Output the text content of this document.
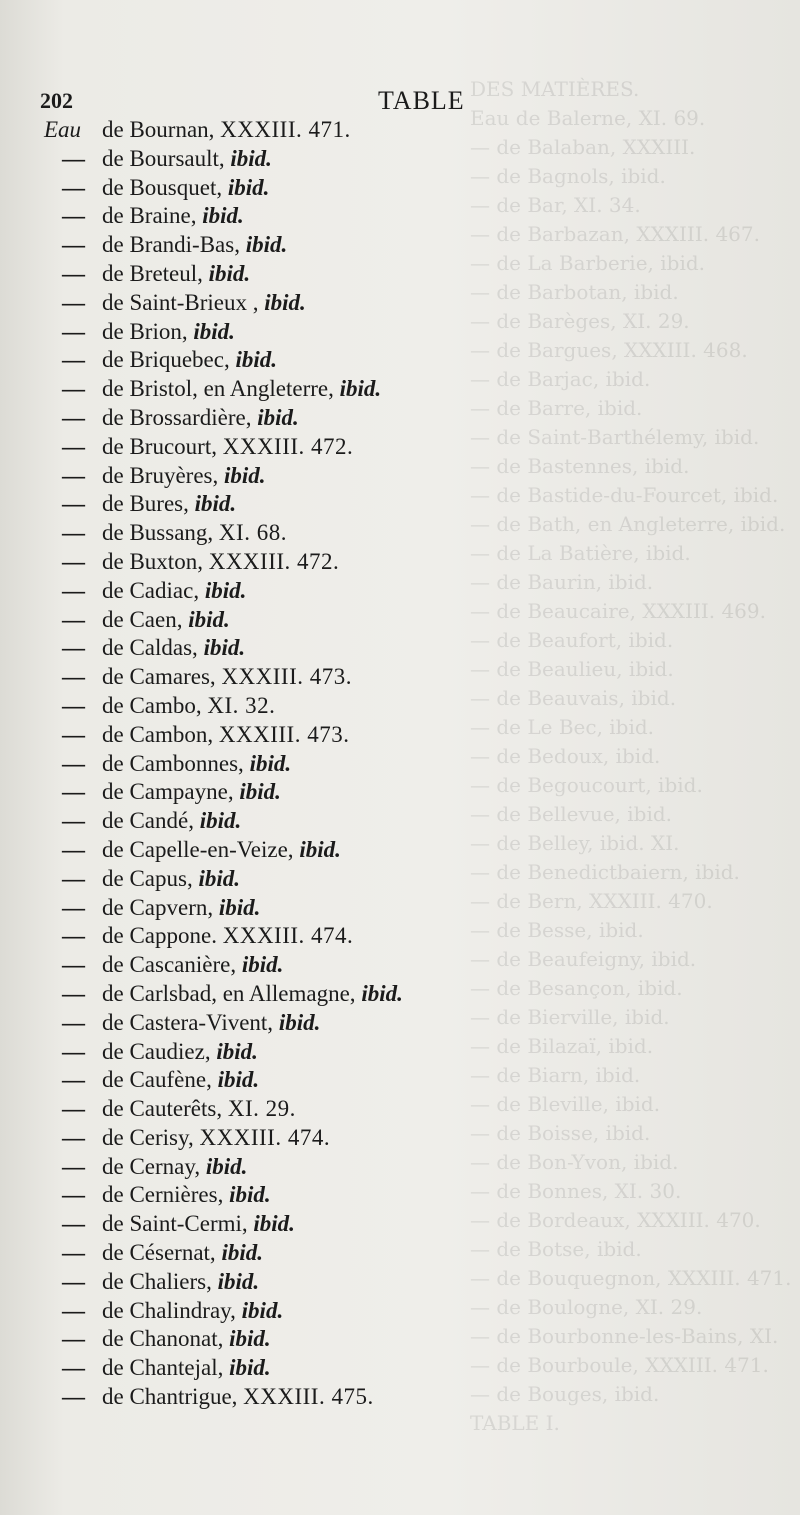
DES MATIÈRES.
Eau de Balerne, XI. 69.
— de Balaban, XXXIII.
— de Bagnols, ibid.
— de Bar, XI. 34.
— de Barbazan, XXXIII. 467.
— de La Barberie, ibid.
— de Barbotan, ibid.
— de Barèges, XI. 29.
— de Bargues, XXXIII. 468.
— de Barjac, ibid.
— de Barre, ibid.
— de Saint-Barthélemy, ibid.
— de Bastennes, ibid.
— de Bastide-du-Fourcet, ibid.
— de Bath, en Angleterre, ibid.
— de La Batière, ibid.
— de Baurin, ibid.
— de Beaucaire, XXXIII. 469.
— de Beaufort, ibid.
— de Beaulieu, ibid.
— de Beauvais, ibid.
— de Le Bec, ibid.
— de Bedoux, ibid.
— de Begoucourt, ibid.
— de Bellevue, ibid.
— de Belley, ibid. XI.
— de Benedictbaiern, ibid.
— de Bern, XXXIII. 470.
— de Besse, ibid.
— de Beaufeigny, ibid.
— de Besançon, ibid.
— de Bierville, ibid.
— de Bilazaï, ibid.
— de Biarn, ibid.
— de Bleville, ibid.
— de Boisse, ibid.
— de Bon-Yvon, ibid.
— de Bonnes, XI. 30.
— de Bordeaux, XXXIII. 470.
— de Botse, ibid.
— de Bouquegnon, XXXIII. 471.
— de Boulogne, XI. 29.
— de Bourbonne-les-Bains, XI.
— de Bourboule, XXXIII. 471.
— de Bouges, ibid.
TABLE I.
202	TABLE
Eau de Bournan, XXXIII. 471.
— de Boursault, ibid.
— de Bousquet, ibid.
— de Braine, ibid.
— de Brandi-Bas, ibid.
— de Breteul, ibid.
— de Saint-Brieux , ibid.
— de Brion, ibid.
— de Briquebec, ibid.
— de Bristol, en Angleterre, ibid.
— de Brossardière, ibid.
— de Brucourt, XXXIII. 472.
— de Bruyères, ibid.
— de Bures, ibid.
— de Bussang, XI. 68.
— de Buxton, XXXIII. 472.
— de Cadiac, ibid.
— de Caen, ibid.
— de Caldas, ibid.
— de Camares, XXXIII. 473.
— de Cambo, XI. 32.
— de Cambon, XXXIII. 473.
— de Cambonnes, ibid.
— de Campayne, ibid.
— de Candé, ibid.
— de Capelle-en-Veize, ibid.
— de Capus, ibid.
— de Capvern, ibid.
— de Cappone. XXXIII. 474.
— de Cascanière, ibid.
— de Carlsbad, en Allemagne, ibid.
— de Castera-Vivent, ibid.
— de Caudiez, ibid.
— de Caufène, ibid.
— de Cauterêts, XI. 29.
— de Cerisy, XXXIII. 474.
— de Cernay, ibid.
— de Cernières, ibid.
— de Saint-Cermi, ibid.
— de Césernat, ibid.
— de Chaliers, ibid.
— de Chalindray, ibid.
— de Chanonat, ibid.
— de Chantejal, ibid.
— de Chantrigue, XXXIII. 475.
